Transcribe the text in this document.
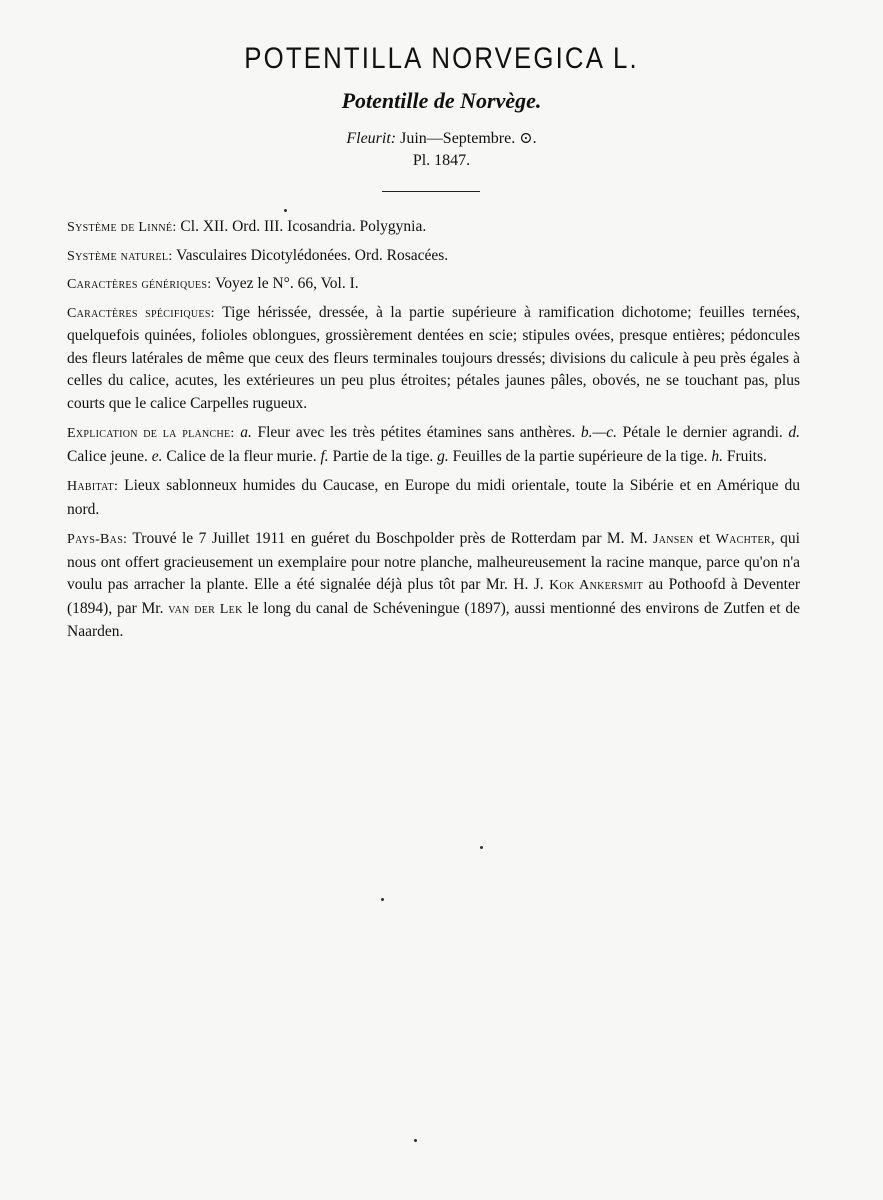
POTENTILLA NORVEGICA L.
Potentille de Norvège.
Fleurit: Juin—Septembre. ⊙.
Pl. 1847.

Système de Linné: Cl. XII. Ord. III. Icosandria. Polygynia.

Système naturel: Vasculaires Dicotylédonées. Ord. Rosacées.

Caractères génériques: Voyez le N°. 66, Vol. I.

Caractères spécifiques: Tige hérissée, dressée, à la partie supérieure à ramification dichotome; feuilles ternées, quelquefois quinées, folioles oblongues, grossièrement dentées en scie; stipules ovées, presque entières; pédoncules des fleurs latérales de même que ceux des fleurs terminales toujours dressés; divisions du calicule à peu près égales à celles du calice, acutes, les extérieures un peu plus étroites; pétales jaunes pâles, obovés, ne se touchant pas, plus courts que le calice Carpelles rugueux.

Explication de la planche: a. Fleur avec les très pétites étamines sans anthères. b.—c. Pétale le dernier agrandi. d. Calice jeune. e. Calice de la fleur murie. f. Partie de la tige. g. Feuilles de la partie supérieure de la tige. h. Fruits.

Habitat: Lieux sablonneux humides du Caucase, en Europe du midi orientale, toute la Sibérie et en Amérique du nord.

Pays-Bas: Trouvé le 7 Juillet 1911 en guéret du Boschpolder près de Rotterdam par M. M. Jansen et Wachter, qui nous ont offert gracieusement un exemplaire pour notre planche, malheureusement la racine manque, parce qu'on n'a voulu pas arracher la plante. Elle a été signalée déjà plus tôt par Mr. H. J. Kok Ankersmit au Pothoofd à Deventer (1894), par Mr. van der Lek le long du canal de Schéveningue (1897), aussi mentionné des environs de Zutfen et de Naarden.
